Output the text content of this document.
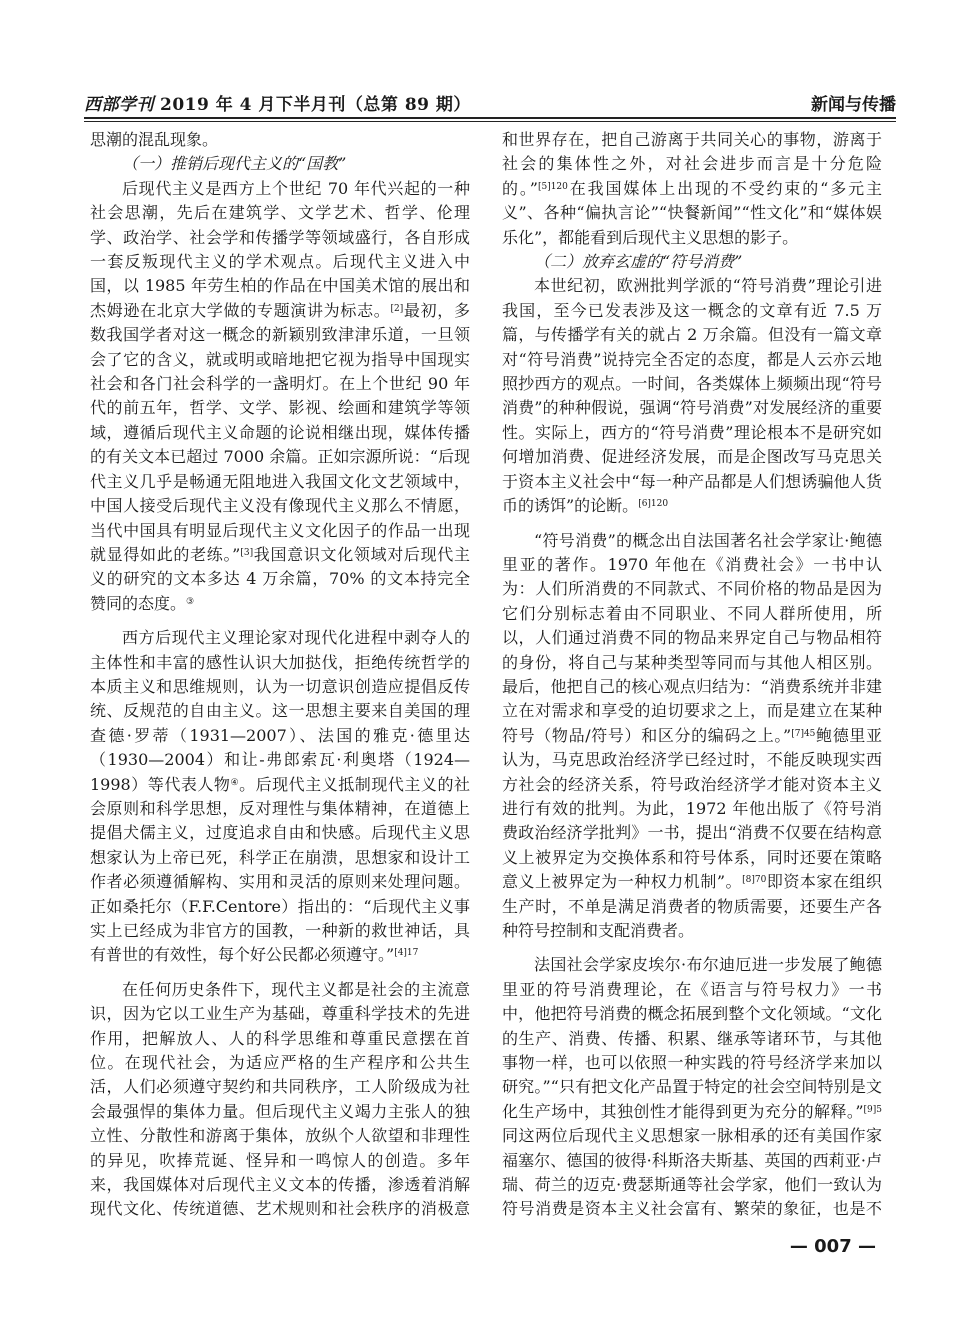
西部学刊 2019 年 4 月下半月刊（总第 89 期）	新闻与传播

思潮的混乱现象。

（一）推销后现代主义的“国教”

后现代主义是西方上个世纪 70 年代兴起的一种社会思潮，先后在建筑学、文学艺术、哲学、伦理学、政治学、社会学和传播学等领域盛行，各自形成一套反叛现代主义的学术观点。后现代主义进入中国，以 1985 年劳生柏的作品在中国美术馆的展出和杰姆逊在北京大学做的专题演讲为标志。[2]最初，多数我国学者对这一概念的新颖别致津津乐道，一旦领会了它的含义，就或明或暗地把它视为指导中国现实社会和各门社会科学的一盏明灯。在上个世纪 90 年代的前五年，哲学、文学、影视、绘画和建筑学等领域，遵循后现代主义命题的论说相继出现，媒体传播的有关文本已超过 7000 余篇。正如宗源所说：“后现代主义几乎是畅通无阻地进入我国文化文艺领域中，中国人接受后现代主义没有像现代主义那么不情愿，当代中国具有明显后现代主义文化因子的作品一出现就显得如此的老练。”[3]我国意识文化领域对后现代主义的研究的文本多达 4 万余篇，70% 的文本持完全赞同的态度。③

西方后现代主义理论家对现代化进程中剥夺人的主体性和丰富的感性认识大加挞伐，拒绝传统哲学的本质主义和思维规则，认为一切意识创造应提倡反传统、反规范的自由主义。这一思想主要来自美国的理查德·罗蒂（1931—2007）、法国的雅克·德里达（1930—2004）和让-弗郎索瓦·利奥塔（1924—1998）等代表人物④。后现代主义抵制现代主义的社会原则和科学思想，反对理性与集体精神，在道德上提倡犬儒主义，过度追求自由和快感。后现代主义思想家认为上帝已死，科学正在崩溃，思想家和设计工作者必须遵循解构、实用和灵活的原则来处理问题。正如桑托尔（F.F.Centore）指出的：“后现代主义事实上已经成为非官方的国教，一种新的救世神话，具有普世的有效性，每个好公民都必须遵守。”$^{[4]17}$

在任何历史条件下，现代主义都是社会的主流意识，因为它以工业生产为基础，尊重科学技术的先进作用，把解放人、人的科学思维和尊重民意摆在首位。在现代社会，为适应严格的生产程序和公共生活，人们必须遵守契约和共同秩序，工人阶级成为社会最强悍的集体力量。但后现代主义竭力主张人的独立性、分散性和游离于集体，放纵个人欲望和非理性的异见，吹捧荒诞、怪异和一鸣惊人的创造。多年来，我国媒体对后现代主义文本的传播，渗透着消解现代文化、传统道德、艺术规则和社会秩序的消极意

和世界存在，把自己游离于共同关心的事物，游离于社会的集体性之外，对社会进步而言是十分危险的。”$^{[5]120}$在我国媒体上出现的不受约束的“多元主义”、各种“偏执言论”“快餐新闻”“性文化”和“媒体娱乐化”，都能看到后现代主义思想的影子。

（二）放弃玄虚的“符号消费”

本世纪初，欧洲批判学派的“符号消费”理论引进我国，至今已发表涉及这一概念的文章有近 7.5 万篇，与传播学有关的就占 2 万余篇。但没有一篇文章对“符号消费”说持完全否定的态度，都是人云亦云地照抄西方的观点。一时间，各类媒体上频频出现“符号消费”的种种假说，强调“符号消费”对发展经济的重要性。实际上，西方的“符号消费”理论根本不是研究如何增加消费、促进经济发展，而是企图改写马克思关于资本主义社会中“每一种产品都是人们想诱骗他人货币的诱饵”的论断。$^{[6]120}$

“符号消费”的概念出自法国著名社会学家让·鲍德里亚的著作。1970 年他在《消费社会》一书中认为：人们所消费的不同款式、不同价格的物品是因为它们分别标志着由不同职业、不同人群所使用，所以，人们通过消费不同的物品来界定自己与物品相符的身份，将自己与某种类型等同而与其他人相区别。最后，他把自己的核心观点归结为：“消费系统并非建立在对需求和享受的迫切要求之上，而是建立在某种符号（物品/符号）和区分的编码之上。”$^{[7]45}$鲍德里亚认为，马克思政治经济学已经过时，不能反映现实西方社会的经济关系，符号政治经济学才能对资本主义进行有效的批判。为此，1972 年他出版了《符号消费政治经济学批判》一书，提出“消费不仅要在结构意义上被界定为交换体系和符号体系，同时还要在策略意义上被界定为一种权力机制”。$^{[8]70}$即资本家在组织生产时，不单是满足消费者的物质需要，还要生产各种符号控制和支配消费者。

法国社会学家皮埃尔·布尔迪厄进一步发展了鲍德里亚的符号消费理论，在《语言与符号权力》一书中，他把符号消费的概念拓展到整个文化领域。“文化的生产、消费、传播、积累、继承等诸环节，与其他事物一样，也可以依照一种实践的符号经济学来加以研究。”“只有把文化产品置于特定的社会空间特别是文化生产场中，其独创性才能得到更为充分的解释。”$^{[9]5}$同这两位后现代主义思想家一脉相承的还有美国作家福塞尔、德国的彼得·科斯洛夫斯基、英国的西莉亚·卢瑞、荷兰的迈克·费瑟斯通等社会学家，他们一致认为符号消费是资本主义社会富有、繁荣的象征，也是不

— 007 —
